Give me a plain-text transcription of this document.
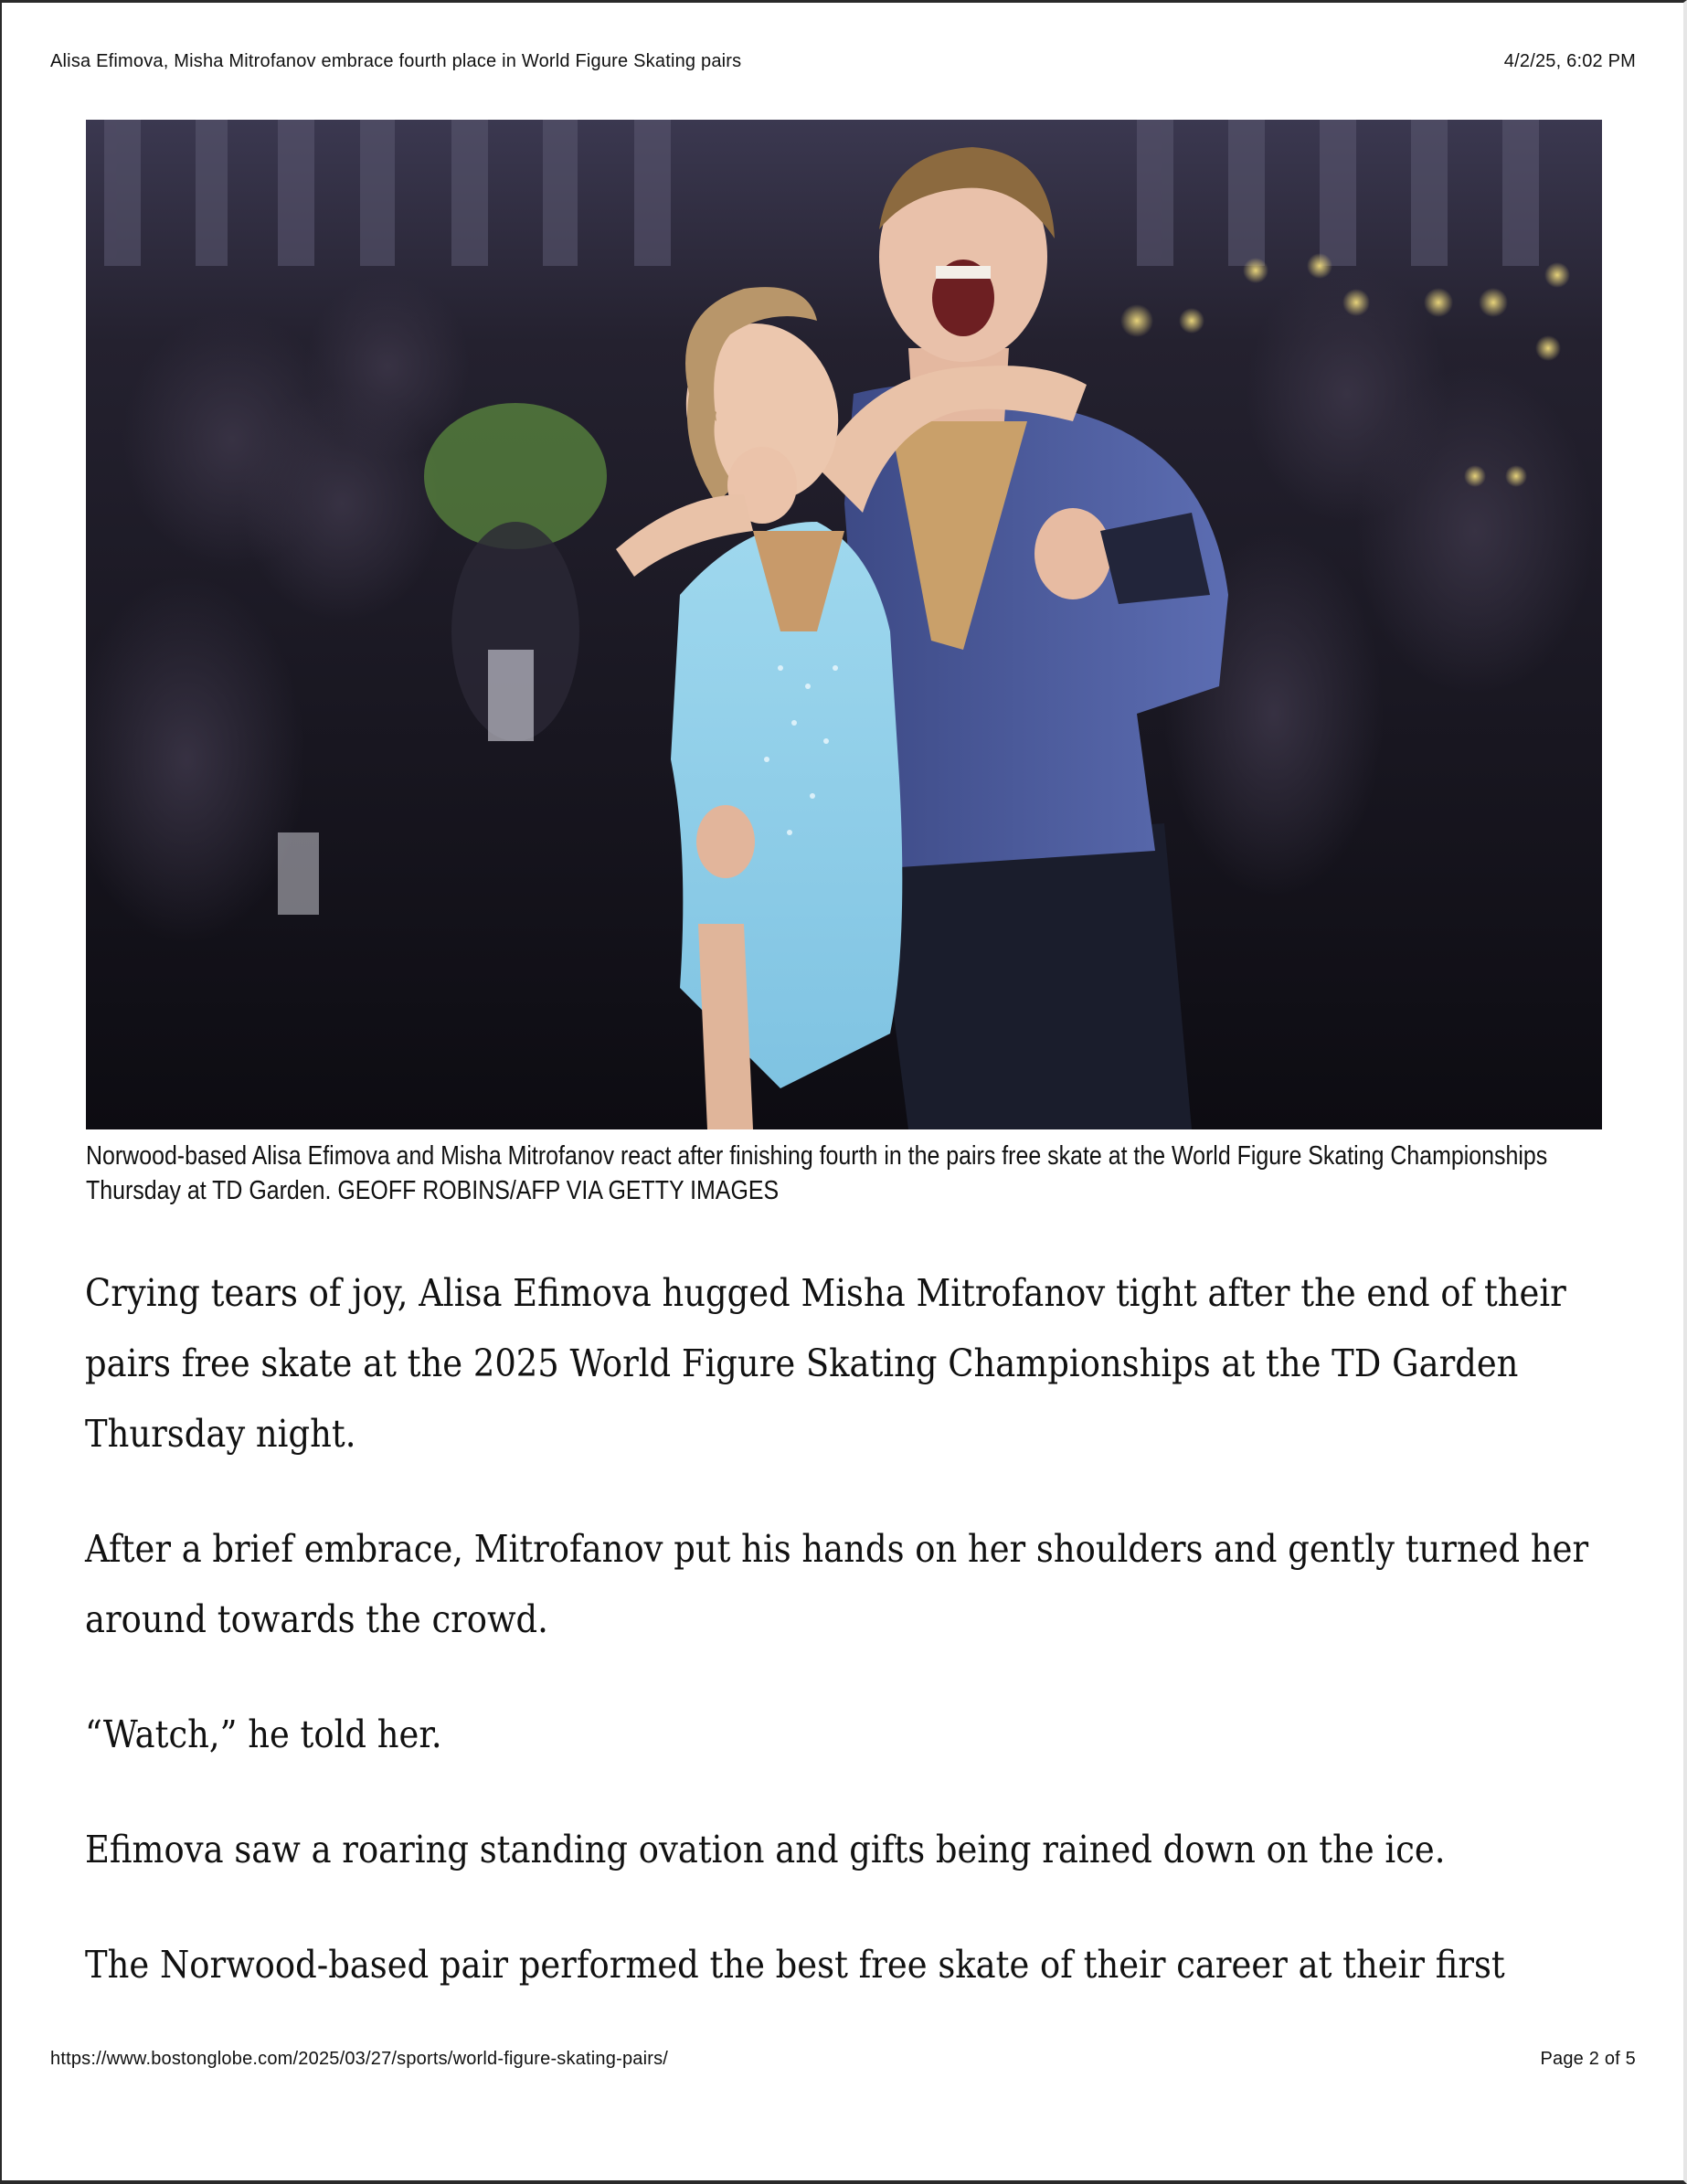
Alisa Efimova, Misha Mitrofanov embrace fourth place in World Figure Skating pairs	4/2/25, 6:02 PM
Norwood-based Alisa Efimova and Misha Mitrofanov react after finishing fourth in the pairs free skate at the World Figure Skating Championships Thursday at TD Garden. GEOFF ROBINS/AFP VIA GETTY IMAGES

Crying tears of joy, Alisa Efimova hugged Misha Mitrofanov tight after the end of their pairs free skate at the 2025 World Figure Skating Championships at the TD Garden Thursday night.

After a brief embrace, Mitrofanov put his hands on her shoulders and gently turned her around towards the crowd.

“Watch,” he told her.

Efimova saw a roaring standing ovation and gifts being rained down on the ice.

The Norwood-based pair performed the best free skate of their career at their first

https://www.bostonglobe.com/2025/03/27/sports/world-figure-skating-pairs/	Page 2 of 5
